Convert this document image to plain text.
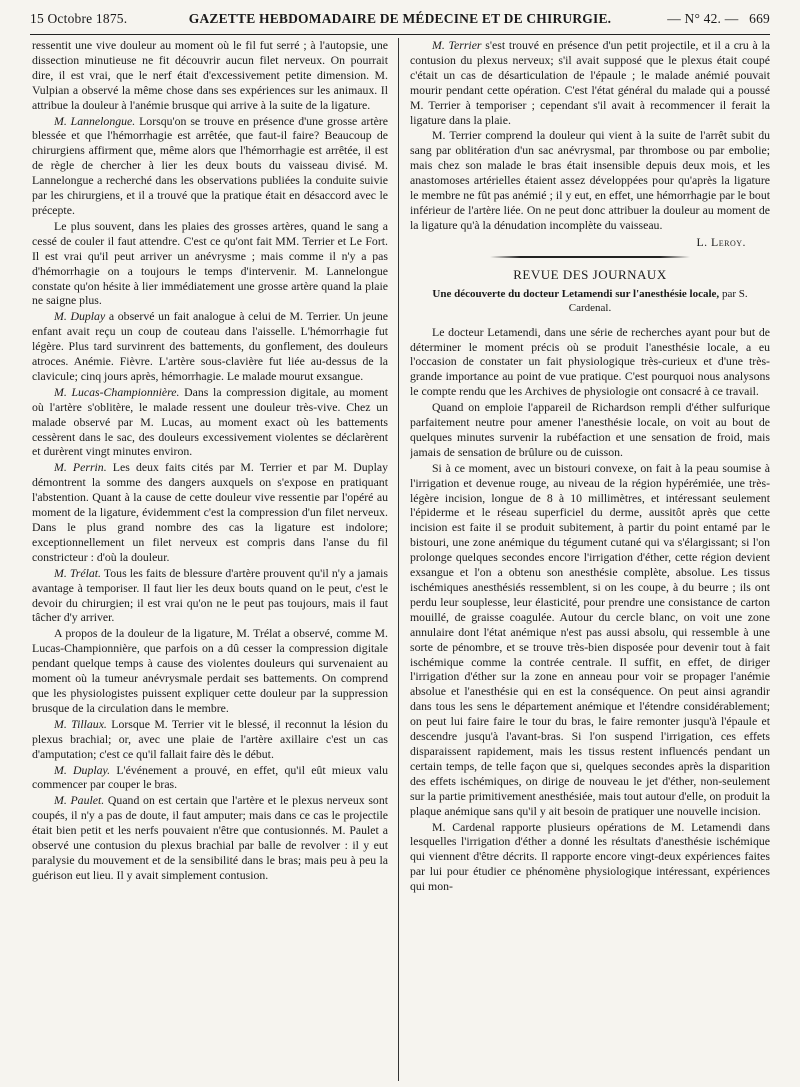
15 Octobre 1875.	GAZETTE HEBDOMADAIRE DE MÉDECINE ET DE CHIRURGIE.	— N° 42. — 669

ressentit une vive douleur au moment où le fil fut serré ; à l'autopsie, une dissection minutieuse ne fit découvrir aucun filet nerveux. On pourrait dire, il est vrai, que le nerf était d'excessivement petite dimension. M. Vulpian a observé la même chose dans ses expériences sur les animaux. Il attribue la douleur à l'anémie brusque qui arrive à la suite de la ligature.

M. Lannelongue. Lorsqu'on se trouve en présence d'une grosse artère blessée et que l'hémorrhagie est arrêtée, que faut-il faire? Beaucoup de chirurgiens affirment que, même alors que l'hémorrhagie est arrêtée, il est de règle de chercher à lier les deux bouts du vaisseau divisé. M. Lannelongue a recherché dans les observations publiées la conduite suivie par les chirurgiens, et il a trouvé que la pratique était en désaccord avec le précepte.

Le plus souvent, dans les plaies des grosses artères, quand le sang a cessé de couler il faut attendre. C'est ce qu'ont fait MM. Terrier et Le Fort. Il est vrai qu'il peut arriver un anévrysme ; mais comme il n'y a pas d'hémorrhagie on a toujours le temps d'intervenir. M. Lannelongue constate qu'on hésite à lier immédiatement une grosse artère quand la plaie ne saigne plus.

M. Duplay a observé un fait analogue à celui de M. Terrier. Un jeune enfant avait reçu un coup de couteau dans l'aisselle. L'hémorrhagie fut légère. Plus tard survinrent des battements, du gonflement, des douleurs atroces. Anémie. Fièvre. L'artère sous-clavière fut liée au-dessus de la clavicule; cinq jours après, hémorrhagie. Le malade mourut exsangue.

M. Lucas-Championnière. Dans la compression digitale, au moment où l'artère s'oblitère, le malade ressent une douleur très-vive. Chez un malade observé par M. Lucas, au moment exact où les battements cessèrent dans le sac, des douleurs excessivement violentes se déclarèrent et durèrent vingt minutes environ.

M. Perrin. Les deux faits cités par M. Terrier et par M. Duplay démontrent la somme des dangers auxquels on s'expose en pratiquant l'abstention. Quant à la cause de cette douleur vive ressentie par l'opéré au moment de la ligature, évidemment c'est la compression d'un filet nerveux. Dans le plus grand nombre des cas la ligature est indolore; exceptionnellement un filet nerveux est compris dans l'anse du fil constricteur : d'où la douleur.

M. Trélat. Tous les faits de blessure d'artère prouvent qu'il n'y a jamais avantage à temporiser. Il faut lier les deux bouts quand on le peut, c'est le devoir du chirurgien; il est vrai qu'on ne le peut pas toujours, mais il faut tâcher d'y arriver.

A propos de la douleur de la ligature, M. Trélat a observé, comme M. Lucas-Championnière, que parfois on a dû cesser la compression digitale pendant quelque temps à cause des violentes douleurs qui survenaient au moment où la tumeur anévrysmale perdait ses battements. On comprend que les physiologistes puissent expliquer cette douleur par la suppression brusque de la circulation dans le membre.

M. Tillaux. Lorsque M. Terrier vit le blessé, il reconnut la lésion du plexus brachial; or, avec une plaie de l'artère axillaire c'est un cas d'amputation; c'est ce qu'il fallait faire dès le début.

M. Duplay. L'événement a prouvé, en effet, qu'il eût mieux valu commencer par couper le bras.

M. Paulet. Quand on est certain que l'artère et le plexus nerveux sont coupés, il n'y a pas de doute, il faut amputer; mais dans ce cas le projectile était bien petit et les nerfs pouvaient n'être que contusionnés. M. Paulet a observé une contusion du plexus brachial par balle de revolver : il y eut paralysie du mouvement et de la sensibilité dans le bras; mais peu à peu la guérison eut lieu. Il y avait simplement contusion.

M. Terrier s'est trouvé en présence d'un petit projectile, et il a cru à la contusion du plexus nerveux; s'il avait supposé que le plexus était coupé c'était un cas de désarticulation de l'épaule ; le malade anémié pouvait mourir pendant cette opération. C'est l'état général du malade qui a poussé M. Terrier à temporiser ; cependant s'il avait à recommencer il ferait la ligature dans la plaie.

M. Terrier comprend la douleur qui vient à la suite de l'arrêt subit du sang par oblitération d'un sac anévrysmal, par thrombose ou par embolie; mais chez son malade le bras était insensible depuis deux mois, et les anastomoses artérielles étaient assez développées pour qu'après la ligature le membre ne fût pas anémié ; il y eut, en effet, une hémorrhagie par le bout inférieur de l'artère liée. On ne peut donc attribuer la douleur au moment de la ligature qu'à la dénudation incomplète du vaisseau.

L. Leroy.
REVUE DES JOURNAUX
Une découverte du docteur Letamendi sur l'anesthésie locale, par S. Cardenal.

Le docteur Letamendi, dans une série de recherches ayant pour but de déterminer le moment précis où se produit l'anesthésie locale, a eu l'occasion de constater un fait physiologique très-curieux et d'une très-grande importance au point de vue pratique. C'est pourquoi nous analysons le compte rendu que les Archives de physiologie ont consacré à ce travail.

Quand on emploie l'appareil de Richardson rempli d'éther sulfurique parfaitement neutre pour amener l'anesthésie locale, on voit au bout de quelques minutes survenir la rubéfaction et une sensation de froid, mais jamais de sensation de brûlure ou de cuisson.

Si à ce moment, avec un bistouri convexe, on fait à la peau soumise à l'irrigation et devenue rouge, au niveau de la région hypérémiée, une très-légère incision, longue de 8 à 10 millimètres, et intéressant seulement l'épiderme et le réseau superficiel du derme, aussitôt après que cette incision est faite il se produit subitement, à partir du point entamé par le bistouri, une zone anémique du tégument cutané qui va s'élargissant; si l'on prolonge quelques secondes encore l'irrigation d'éther, cette région devient exsangue et l'on a obtenu son anesthésie complète, absolue. Les tissus ischémiques anesthésiés ressemblent, si on les coupe, à du beurre ; ils ont perdu leur souplesse, leur élasticité, pour prendre une consistance de carton mouillé, de graisse coagulée. Autour du cercle blanc, on voit une zone annulaire dont l'état anémique n'est pas aussi absolu, qui ressemble à une sorte de pénombre, et se trouve très-bien disposée pour devenir tout à fait ischémique comme la contrée centrale. Il suffit, en effet, de diriger l'irrigation d'éther sur la zone en anneau pour voir se propager l'anémie absolue et l'anesthésie qui en est la conséquence. On peut ainsi agrandir dans tous les sens le département anémique et l'étendre considérablement; on peut lui faire faire le tour du bras, le faire remonter jusqu'à l'épaule et descendre jusqu'à l'avant-bras. Si l'on suspend l'irrigation, ces effets disparaissent rapidement, mais les tissus restent influencés pendant un certain temps, de telle façon que si, quelques secondes après la disparition des effets ischémiques, on dirige de nouveau le jet d'éther, non-seulement sur la partie primitivement anesthésiée, mais tout autour d'elle, on produit la plaque anémique sans qu'il y ait besoin de pratiquer une nouvelle incision.

M. Cardenal rapporte plusieurs opérations de M. Letamendi dans lesquelles l'irrigation d'éther a donné les résultats d'anesthésie ischémique qui viennent d'être décrits. Il rapporte encore vingt-deux expériences faites par lui pour étudier ce phénomène physiologique intéressant, expériences qui mon-
